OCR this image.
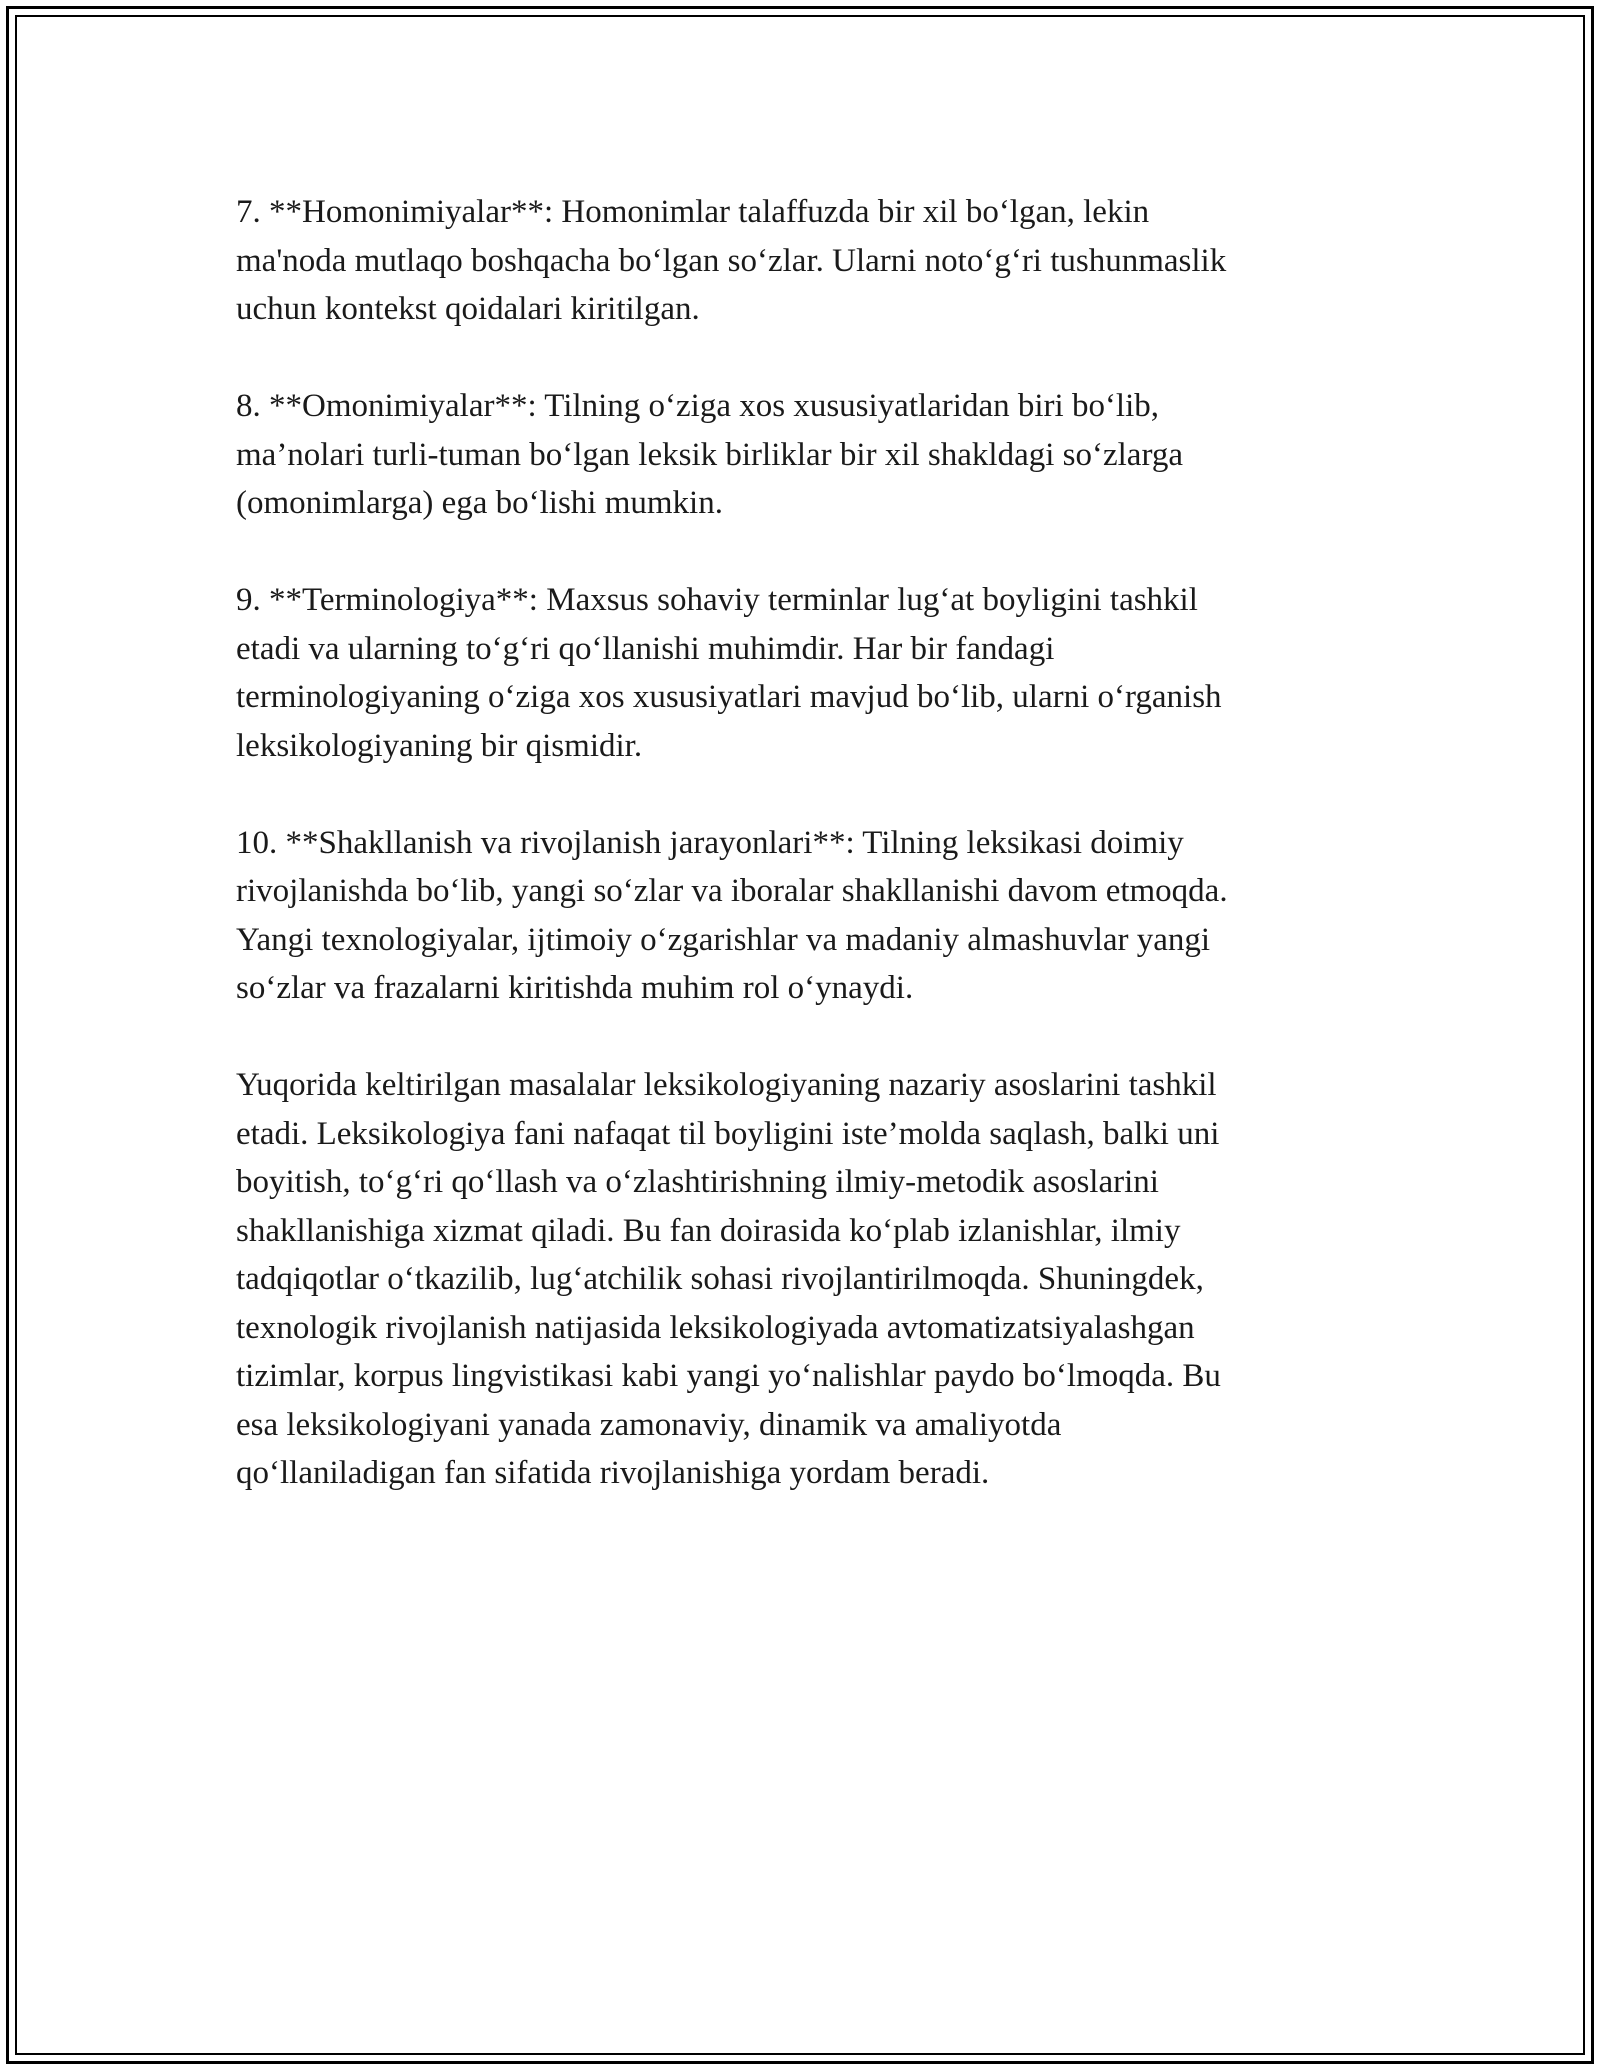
7. **Homonimiyalar**: Homonimlar talaffuzda bir xil bo‘lgan, lekin
ma'noda mutlaqo boshqacha bo‘lgan so‘zlar. Ularni noto‘g‘ri tushunmaslik
uchun kontekst qoidalari kiritilgan.

8. **Omonimiyalar**: Tilning o‘ziga xos xususiyatlaridan biri bo‘lib,
ma’nolari turli-tuman bo‘lgan leksik birliklar bir xil shakldagi so‘zlarga
(omonimlarga) ega bo‘lishi mumkin.

9. **Terminologiya**: Maxsus sohaviy terminlar lug‘at boyligini tashkil
etadi va ularning to‘g‘ri qo‘llanishi muhimdir. Har bir fandagi
terminologiyaning o‘ziga xos xususiyatlari mavjud bo‘lib, ularni o‘rganish
leksikologiyaning bir qismidir.

10. **Shakllanish va rivojlanish jarayonlari**: Tilning leksikasi doimiy
rivojlanishda bo‘lib, yangi so‘zlar va iboralar shakllanishi davom etmoqda.
Yangi texnologiyalar, ijtimoiy o‘zgarishlar va madaniy almashuvlar yangi
so‘zlar va frazalarni kiritishda muhim rol o‘ynaydi.

Yuqorida keltirilgan masalalar leksikologiyaning nazariy asoslarini tashkil
etadi. Leksikologiya fani nafaqat til boyligini iste’molda saqlash, balki uni
boyitish, to‘g‘ri qo‘llash va o‘zlashtirishning ilmiy-metodik asoslarini
shakllanishiga xizmat qiladi. Bu fan doirasida ko‘plab izlanishlar, ilmiy
tadqiqotlar o‘tkazilib, lug‘atchilik sohasi rivojlantirilmoqda. Shuningdek,
texnologik rivojlanish natijasida leksikologiyada avtomatizatsiyalashgan
tizimlar, korpus lingvistikasi kabi yangi yo‘nalishlar paydo bo‘lmoqda. Bu
esa leksikologiyani yanada zamonaviy, dinamik va amaliyotda
qo‘llaniladigan fan sifatida rivojlanishiga yordam beradi.
